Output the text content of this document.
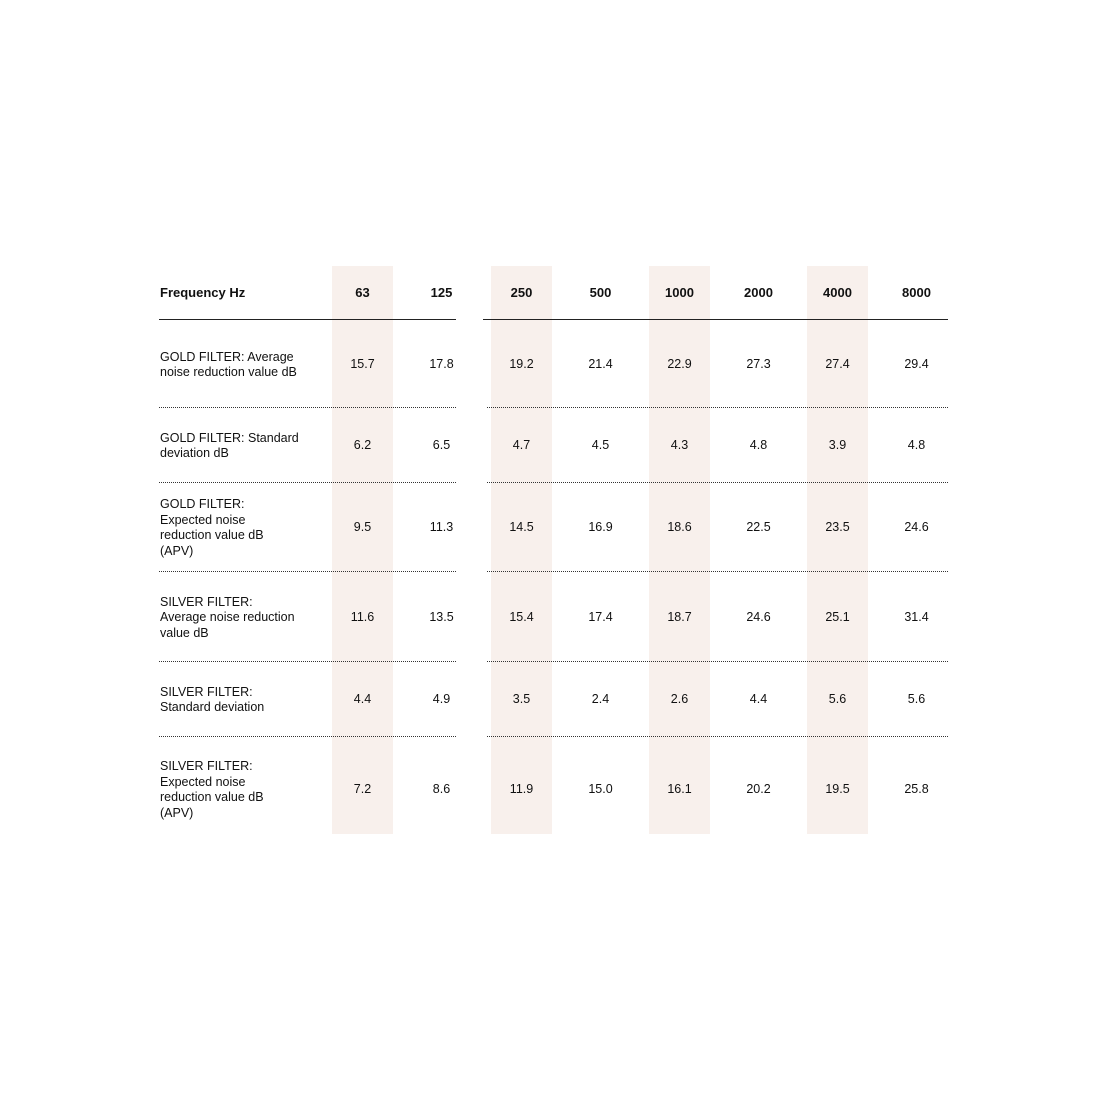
Frequency Hz	63	125	250	500	1000	2000	4000	8000
GOLD FILTER: Average noise reduction value dB
15.7	17.8	19.2	21.4	22.9	27.3	27.4	29.4
GOLD FILTER: Standard deviation dB
6.2	6.5	4.7	4.5	4.3	4.8	3.9	4.8
GOLD FILTER: Expected noise reduction value dB (APV)
9.5	11.3	14.5	16.9	18.6	22.5	23.5	24.6
SILVER FILTER: Average noise reduction value dB
11.6	13.5	15.4	17.4	18.7	24.6	25.1	31.4
SILVER FILTER: Standard deviation
4.4	4.9	3.5	2.4	2.6	4.4	5.6	5.6
SILVER FILTER: Expected noise reduction value dB (APV)
7.2	8.6	11.9	15.0	16.1	20.2	19.5	25.8
